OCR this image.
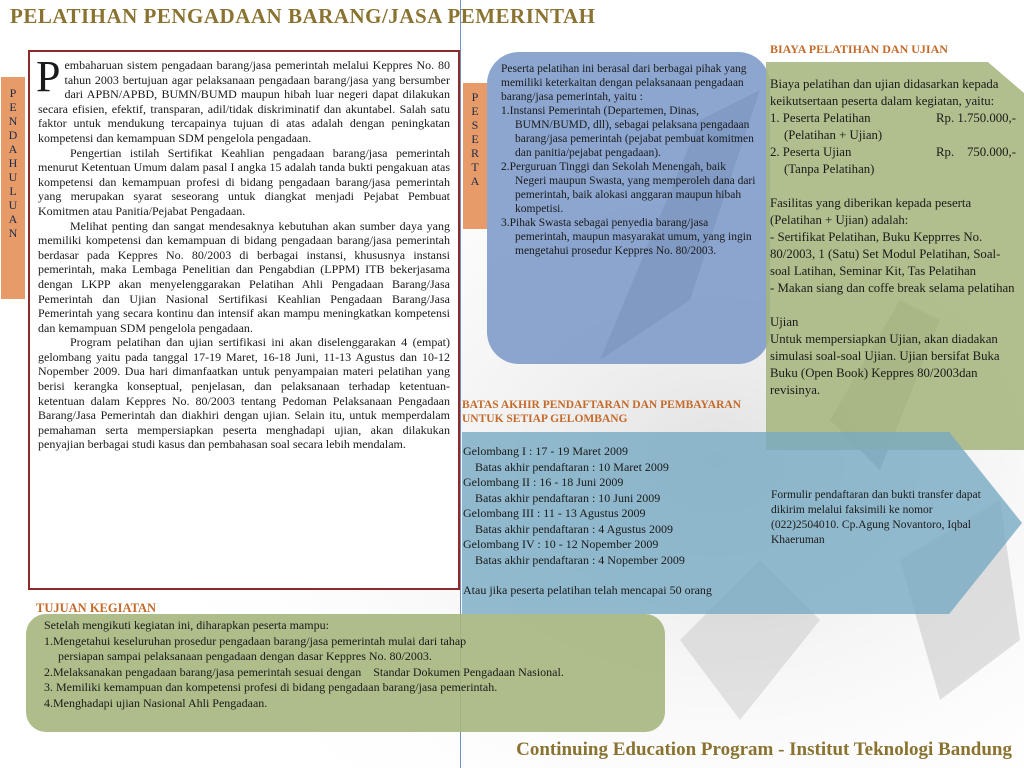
PELATIHAN PENGADAAN BARANG/JASA PEMERINTAH
P
E
N
D
A
H
U
L
U
A
N

Pembaharuan sistem pengadaan barang/jasa pemerintah melalui Keppres No. 80 tahun 2003 bertujuan agar pelaksanaan pengadaan barang/jasa yang bersumber dari APBN/APBD, BUMN/BUMD maupun hibah luar negeri dapat dilakukan secara efisien, efektif, transparan, adil/tidak diskriminatif dan akuntabel. Salah satu faktor untuk mendukung tercapainya tujuan di atas adalah dengan peningkatan kompetensi dan kemampuan SDM pengelola pengadaan.

Pengertian istilah Sertifikat Keahlian pengadaan barang/jasa pemerintah menurut Ketentuan Umum dalam pasal I angka 15 adalah tanda bukti pengakuan atas kompetensi dan kemampuan profesi di bidang pengadaan barang/jasa pemerintah yang merupakan syarat seseorang untuk diangkat menjadi Pejabat Pembuat Komitmen atau Panitia/Pejabat Pengadaan.

Melihat penting dan sangat mendesaknya kebutuhan akan sumber daya yang memiliki kompetensi dan kemampuan di bidang pengadaan barang/jasa pemerintah berdasar pada Keppres No. 80/2003 di berbagai instansi, khususnya instansi pemerintah, maka Lembaga Penelitian dan Pengabdian (LPPM) ITB bekerjasama dengan LKPP akan menyelenggarakan Pelatihan Ahli Pengadaan Barang/Jasa Pemerintah dan Ujian Nasional Sertifikasi Keahlian Pengadaan Barang/Jasa Pemerintah yang secara kontinu dan intensif akan mampu meningkatkan kompetensi dan kemampuan SDM pengelola pengadaan.

Program pelatihan dan ujian sertifikasi ini akan diselenggarakan 4 (empat) gelombang yaitu pada tanggal 17-19 Maret, 16-18 Juni, 11-13 Agustus dan 10-12 Nopember 2009. Dua hari dimanfaatkan untuk penyampaian materi pelatihan yang berisi kerangka konseptual, penjelasan, dan pelaksanaan terhadap ketentuan-ketentuan dalam Keppres No. 80/2003 tentang Pedoman Pelaksanaan Pengadaan Barang/Jasa Pemerintah dan diakhiri dengan ujian. Selain itu, untuk memperdalam pemahaman serta mempersiapkan peserta menghadapi ujian, akan dilakukan penyajian berbagai studi kasus dan pembahasan soal secara lebih mendalam.

P
E
S
E
R
T
A
Peserta pelatihan ini berasal dari berbagai pihak yang memiliki keterkaitan dengan pelaksanaan pengadaan barang/jasa pemerintah, yaitu :
1.Instansi Pemerintah (Departemen, Dinas, BUMN/BUMD, dll), sebagai pelaksana pengadaan barang/jasa pemerintah (pejabat pembuat komitmen dan panitia/pejabat pengadaan).
2.Perguruan Tinggi dan Sekolah Menengah, baik Negeri maupun Swasta, yang memperoleh dana dari pemerintah, baik alokasi anggaran maupun hibah kompetisi.
3.Pihak Swasta sebagai penyedia barang/jasa pemerintah, maupun masyarakat umum, yang ingin mengetahui prosedur Keppres No. 80/2003.
BIAYA PELATIHAN DAN UJIAN
Biaya pelatihan dan ujian didasarkan kepada keikutsertaan peserta dalam kegiatan, yaitu:
1. Peserta Pelatihan	Rp. 1.750.000,-
(Pelatihan + Ujian)
2. Peserta Ujian	Rp.    750.000,-
(Tanpa Pelatihan)
Fasilitas yang diberikan kepada peserta (Pelatihan + Ujian) adalah:
- Sertifikat Pelatihan, Buku Kepprres No. 80/2003, 1 (Satu) Set Modul Pelatihan, Soal-soal Latihan, Seminar Kit, Tas Pelatihan
- Makan siang dan coffe break selama pelatihan
Ujian
Untuk mempersiapkan Ujian, akan diadakan simulasi soal-soal Ujian. Ujian bersifat Buka Buku (Open Book) Keppres 80/2003dan revisinya.
BATAS AKHIR PENDAFTARAN DAN PEMBAYARAN UNTUK SETIAP GELOMBANG
Gelombang I : 17 - 19 Maret 2009
Batas akhir pendaftaran : 10 Maret 2009
Gelombang II : 16 - 18 Juni 2009
Batas akhir pendaftaran : 10 Juni 2009
Gelombang III : 11 - 13 Agustus 2009
Batas akhir pendaftaran : 4 Agustus 2009
Gelombang IV : 10 - 12 Nopember 2009
Batas akhir pendaftaran : 4 Nopember 2009
Atau jika peserta pelatihan telah mencapai 50 orang
Formulir pendaftaran dan bukti transfer dapat dikirim melalui faksimili ke nomor (022)2504010. Cp.Agung Novantoro, Iqbal Khaeruman
TUJUAN KEGIATAN
Setelah mengikuti kegiatan ini, diharapkan peserta mampu:
1.Mengetahui keseluruhan prosedur pengadaan barang/jasa pemerintah mulai dari tahap
persiapan sampai pelaksanaan pengadaan dengan dasar Keppres No. 80/2003.
2.Melaksanakan pengadaan barang/jasa pemerintah sesuai dengan    Standar Dokumen Pengadaan Nasional.
3. Memiliki kemampuan dan kompetensi profesi di bidang pengadaan barang/jasa pemerintah.
4.Menghadapi ujian Nasional Ahli Pengadaan.
Continuing Education Program - Institut Teknologi Bandung
